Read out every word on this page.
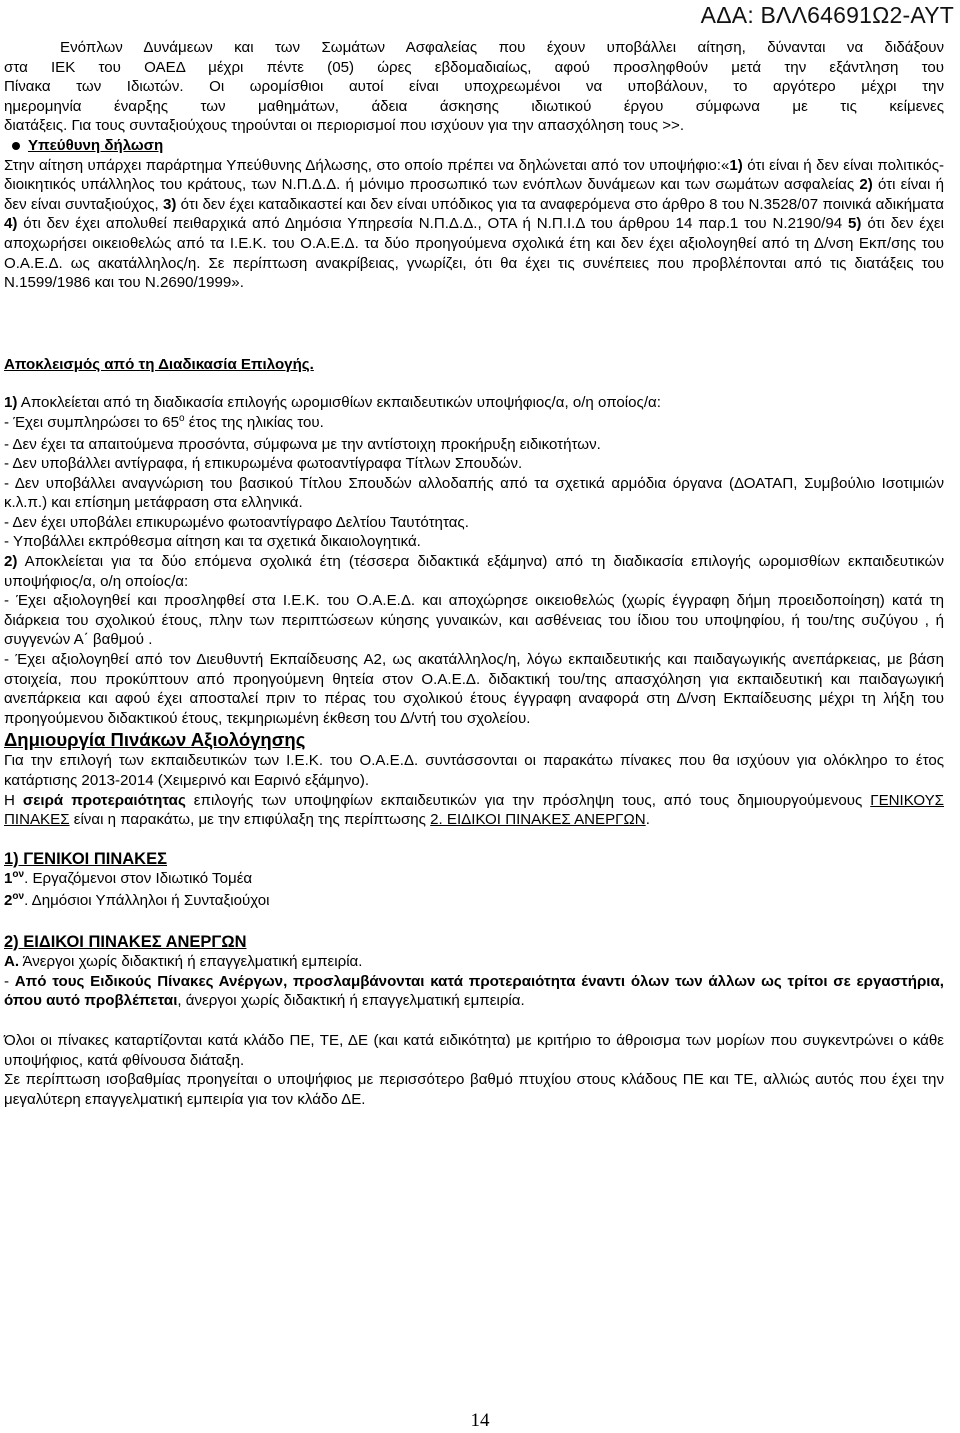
ΑΔΑ: ΒΛΛ64691Ω2-ΑΥΤ

Ενόπλων Δυνάμεων και των Σωμάτων Ασφαλείας που έχουν υποβάλλει αίτηση, δύνανται να διδάξουν

στα ΙΕΚ του ΟΑΕΔ μέχρι πέντε (05) ώρες εβδομαδιαίως, αφού προσληφθούν μετά την εξάντληση του

Πίνακα των Ιδιωτών. Οι ωρομίσθιοι αυτοί είναι υποχρεωμένοι να υποβάλουν, το αργότερο μέχρι την

ημερομηνία έναρξης των μαθημάτων, άδεια άσκησης ιδιωτικού έργου σύμφωνα με τις κείμενες

διατάξεις. Για τους συνταξιούχους τηρούνται οι περιορισμοί που ισχύουν για την απασχόληση τους >>.

Υπεύθυνη δήλωση

Στην αίτηση υπάρχει παράρτημα Υπεύθυνης Δήλωσης, στο οποίο πρέπει να δηλώνεται από τον υποψήφιο:«1) ότι είναι ή δεν είναι πολιτικός-διοικητικός υπάλληλος του κράτους, των Ν.Π.Δ.Δ. ή μόνιμο προσωπικό των ενόπλων δυνάμεων και των σωμάτων ασφαλείας 2) ότι είναι ή δεν είναι συνταξιούχος, 3) ότι δεν έχει καταδικαστεί και δεν είναι υπόδικος για τα αναφερόμενα στο άρθρο 8 του Ν.3528/07 ποινικά αδικήματα 4) ότι δεν έχει απολυθεί πειθαρχικά από Δημόσια Υπηρεσία Ν.Π.Δ.Δ., ΟΤΑ ή Ν.Π.Ι.Δ του άρθρου 14 παρ.1 του Ν.2190/94 5) ότι δεν έχει αποχωρήσει οικειοθελώς από τα Ι.Ε.Κ. του Ο.Α.Ε.Δ. τα δύο προηγούμενα σχολικά έτη και δεν έχει αξιολογηθεί από τη Δ/νση Εκπ/σης του Ο.Α.Ε.Δ. ως ακατάλληλος/η. Σε περίπτωση ανακρίβειας, γνωρίζει, ότι θα έχει τις συνέπειες που προβλέπονται από τις διατάξεις του Ν.1599/1986 και του Ν.2690/1999».

Αποκλεισμός από τη Διαδικασία Επιλογής.

1) Αποκλείεται από τη διαδικασία επιλογής ωρομισθίων εκπαιδευτικών υποψήφιος/α, ο/η οποίος/α:

- Έχει συμπληρώσει το $65^o$ έτος της ηλικίας του.

- Δεν έχει τα απαιτούμενα προσόντα, σύμφωνα με την αντίστοιχη προκήρυξη ειδικοτήτων.

- Δεν υποβάλλει αντίγραφα, ή επικυρωμένα φωτοαντίγραφα Τίτλων Σπουδών.

- Δεν υποβάλλει αναγνώριση του βασικού Τίτλου Σπουδών αλλοδαπής από τα σχετικά αρμόδια όργανα (ΔΟΑΤΑΠ, Συμβούλιο Ισοτιμιών κ.λ.π.) και επίσημη μετάφραση στα ελληνικά.

- Δεν έχει υποβάλει επικυρωμένο φωτοαντίγραφο Δελτίου Ταυτότητας.

- Υποβάλλει εκπρόθεσμα αίτηση και τα σχετικά δικαιολογητικά.

2) Αποκλείεται για τα δύο επόμενα σχολικά έτη (τέσσερα διδακτικά εξάμηνα) από τη διαδικασία επιλογής ωρομισθίων εκπαιδευτικών υποψήφιος/α, ο/η οποίος/α:

- Έχει αξιολογηθεί και προσληφθεί στα Ι.Ε.Κ. του Ο.Α.Ε.Δ. και αποχώρησε οικειοθελώς (χωρίς έγγραφη δήμη προειδοποίηση) κατά τη διάρκεια του σχολικού έτους, πλην των περιπτώσεων κύησης γυναικών, και ασθένειας του ίδιου του υποψηφίου, ή του/της συζύγου , ή συγγενών Α΄ βαθμού .

- Έχει αξιολογηθεί από τον Διευθυντή Εκπαίδευσης Α2, ως ακατάλληλος/η, λόγω εκπαιδευτικής και παιδαγωγικής ανεπάρκειας, με βάση στοιχεία, που προκύπτουν από προηγούμενη θητεία στον Ο.Α.Ε.Δ. διδακτική του/της απασχόληση για εκπαιδευτική και παιδαγωγική ανεπάρκεια και αφού έχει αποσταλεί πριν το πέρας του σχολικού έτους έγγραφη αναφορά στη Δ/νση Εκπαίδευσης μέχρι τη λήξη του προηγούμενου διδακτικού έτους, τεκμηριωμένη έκθεση του Δ/ντή του σχολείου.

Δημιουργία Πινάκων Αξιολόγησης

Για την επιλογή των εκπαιδευτικών των Ι.Ε.Κ. του Ο.Α.Ε.Δ. συντάσσονται οι παρακάτω πίνακες που θα ισχύουν για ολόκληρο το έτος κατάρτισης 2013-2014 (Χειμερινό και Εαρινό εξάμηνο).

Η σειρά προτεραιότητας επιλογής των υποψηφίων εκπαιδευτικών για την πρόσληψη τους, από τους δημιουργούμενους ΓΕΝΙΚΟΥΣ ΠΙΝΑΚΕΣ είναι η παρακάτω, με την επιφύλαξη της περίπτωσης 2. ΕΙΔΙΚΟΙ ΠΙΝΑΚΕΣ ΑΝΕΡΓΩΝ.

1) ΓΕΝΙΚΟΙ ΠΙΝΑΚΕΣ

$1^{o\nu}$. Εργαζόμενοι στον Ιδιωτικό Τομέα

$2^{o\nu}$. Δημόσιοι Υπάλληλοι ή Συνταξιούχοι

2) ΕΙΔΙΚΟΙ ΠΙΝΑΚΕΣ ΑΝΕΡΓΩΝ

Α. Άνεργοι χωρίς διδακτική ή επαγγελματική εμπειρία.

- Από τους Ειδικούς Πίνακες Ανέργων, προσλαμβάνονται κατά προτεραιότητα έναντι όλων των άλλων ως τρίτοι σε εργαστήρια, όπου αυτό προβλέπεται, άνεργοι χωρίς διδακτική ή επαγγελματική εμπειρία.

Όλοι οι πίνακες καταρτίζονται κατά κλάδο ΠΕ, ΤΕ, ΔΕ (και κατά ειδικότητα) με κριτήριο το άθροισμα των μορίων που συγκεντρώνει ο κάθε υποψήφιος, κατά φθίνουσα διάταξη.

Σε περίπτωση ισοβαθμίας προηγείται ο υποψήφιος με περισσότερο βαθμό πτυχίου στους κλάδους ΠΕ και ΤΕ, αλλιώς αυτός που έχει την μεγαλύτερη επαγγελματική εμπειρία για τον κλάδο ΔΕ.

14
